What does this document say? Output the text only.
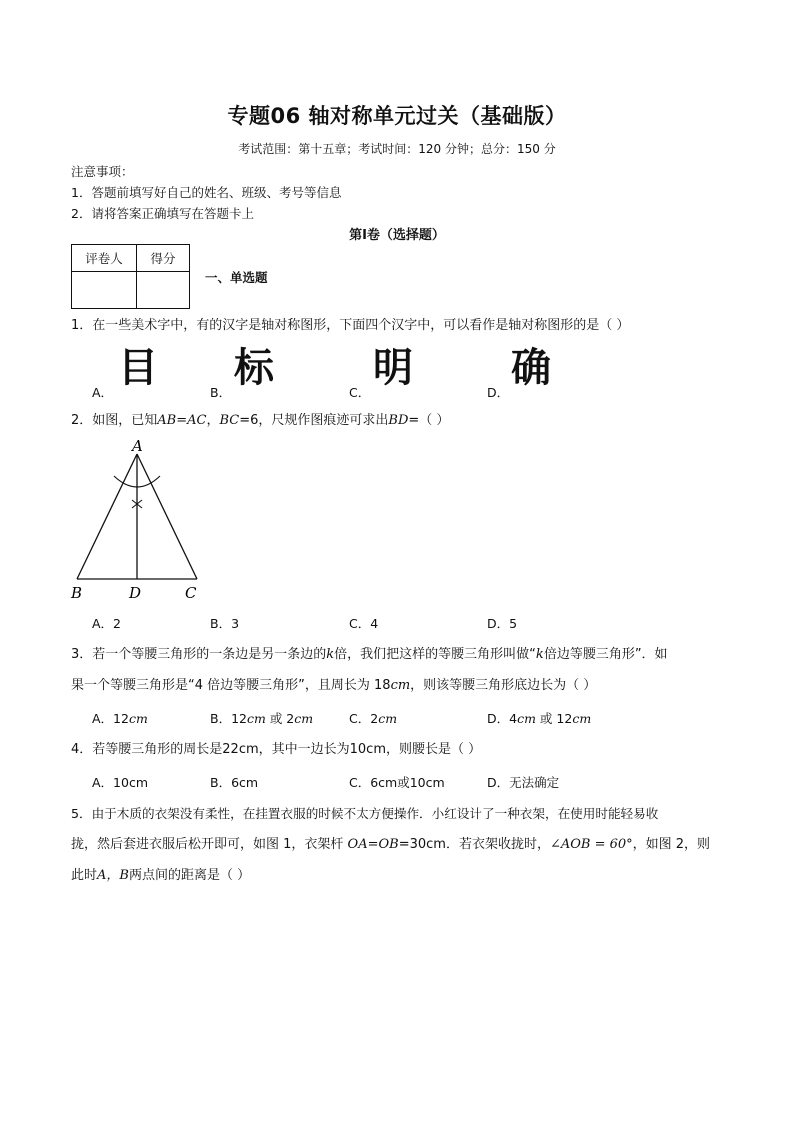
专题06 轴对称单元过关（基础版）
考试范围：第十五章；考试时间：120 分钟；总分：150 分
注意事项：
1．答题前填写好自己的姓名、班级、考号等信息
2．请将答案正确填写在答题卡上
第Ⅰ卷（选择题）
评卷人	得分

一、单选题
1．在一些美术字中，有的汉字是轴对称图形，下面四个汉字中，可以看作是轴对称图形的是（ ）
A．
目
B．
标
C．
明
D．
确
2．如图，已知AB=AC，BC=6，尺规作图痕迹可求出BD=（ ）
A
B	D	C
A．2	B．3	C．4	D．5
3．若一个等腰三角形的一条边是另一条边的k倍，我们把这样的等腰三角形叫做“k倍边等腰三角形”．如
果一个等腰三角形是“4 倍边等腰三角形”，且周长为 18cm，则该等腰三角形底边长为（ ）
A．12cm	B．12cm 或 2cm	C．2cm	D．4cm 或 12cm
4．若等腰三角形的周长是22cm，其中一边长为10cm，则腰长是（ ）
A．10cm	B．6cm	C．6cm或10cm	D．无法确定
5．由于木质的衣架没有柔性，在挂置衣服的时候不太方便操作．小红设计了一种衣架，在使用时能轻易收
拢，然后套进衣服后松开即可，如图 1，衣架杆 OA=OB=30cm．若衣架收拢时，∠AOB = 60°，如图 2，则
此时A，B两点间的距离是（ ）
